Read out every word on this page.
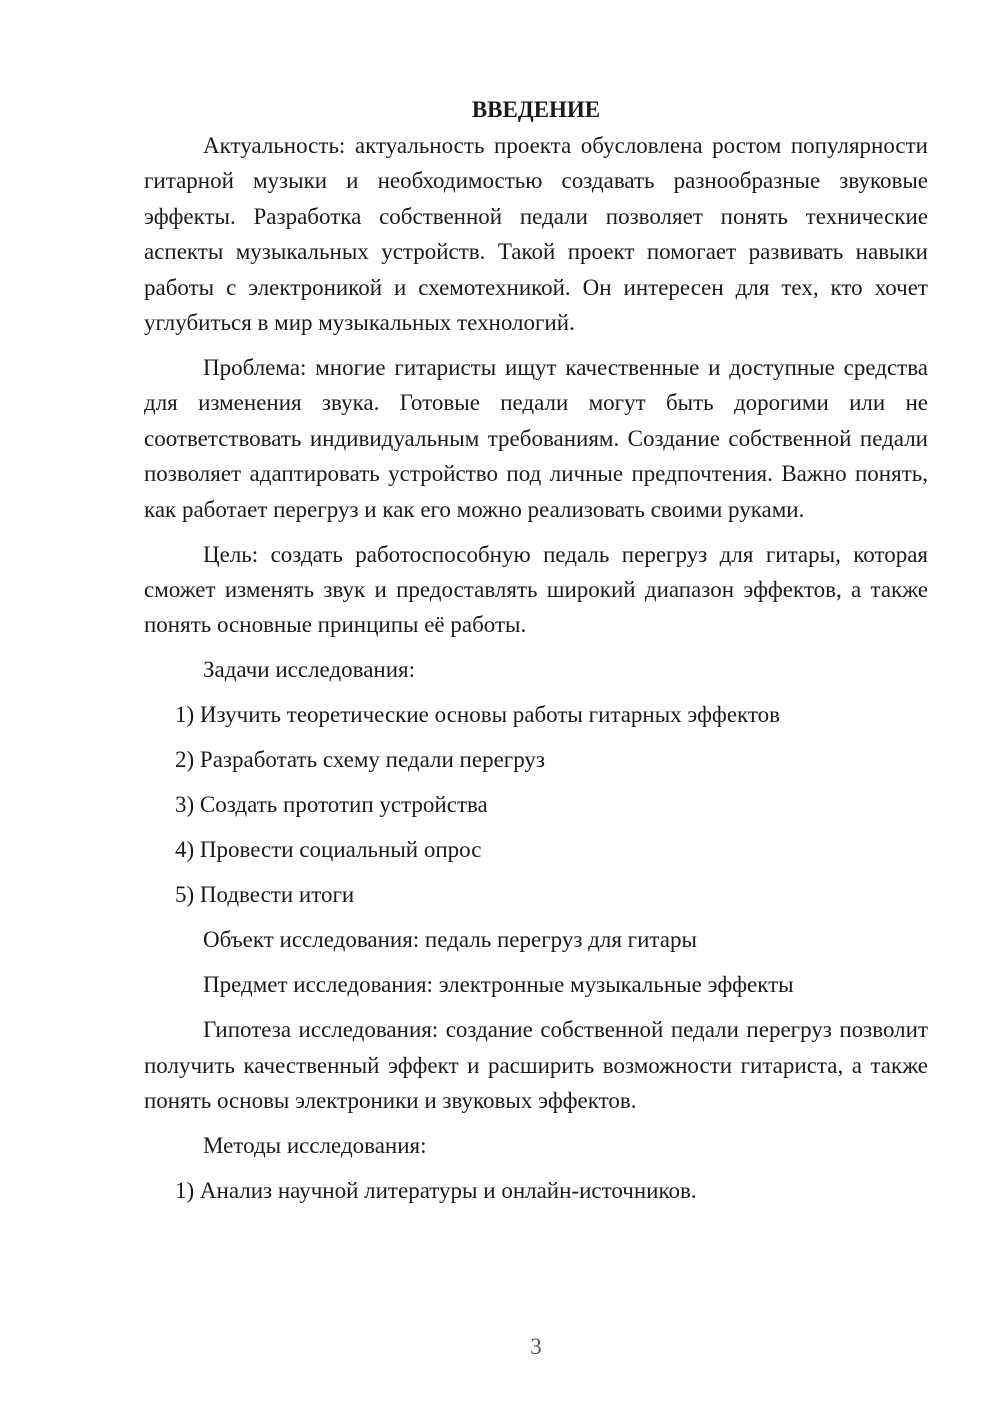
ВВЕДЕНИЕ

Актуальность: актуальность проекта обусловлена ростом популярности гитарной музыки и необходимостью создавать разнообразные звуковые эффекты. Разработка собственной педали позволяет понять технические аспекты музыкальных устройств. Такой проект помогает развивать навыки работы с электроникой и схемотехникой. Он интересен для тех, кто хочет углубиться в мир музыкальных технологий.

Проблема: многие гитаристы ищут качественные и доступные средства для изменения звука. Готовые педали могут быть дорогими или не соответствовать индивидуальным требованиям. Создание собственной педали позволяет адаптировать устройство под личные предпочтения. Важно понять, как работает перегруз и как его можно реализовать своими руками.

Цель: создать работоспособную педаль перегруз для гитары, которая сможет изменять звук и предоставлять широкий диапазон эффектов, а также понять основные принципы её работы.

Задачи исследования:

1) Изучить теоретические основы работы гитарных эффектов

2) Разработать схему педали перегруз

3) Создать прототип устройства

4) Провести социальный опрос

5) Подвести итоги

Объект исследования: педаль перегруз для гитары

Предмет исследования: электронные музыкальные эффекты

Гипотеза исследования: создание собственной педали перегруз позволит получить качественный эффект и расширить возможности гитариста, а также понять основы электроники и звуковых эффектов.

Методы исследования:

1) Анализ научной литературы и онлайн-источников.

3
